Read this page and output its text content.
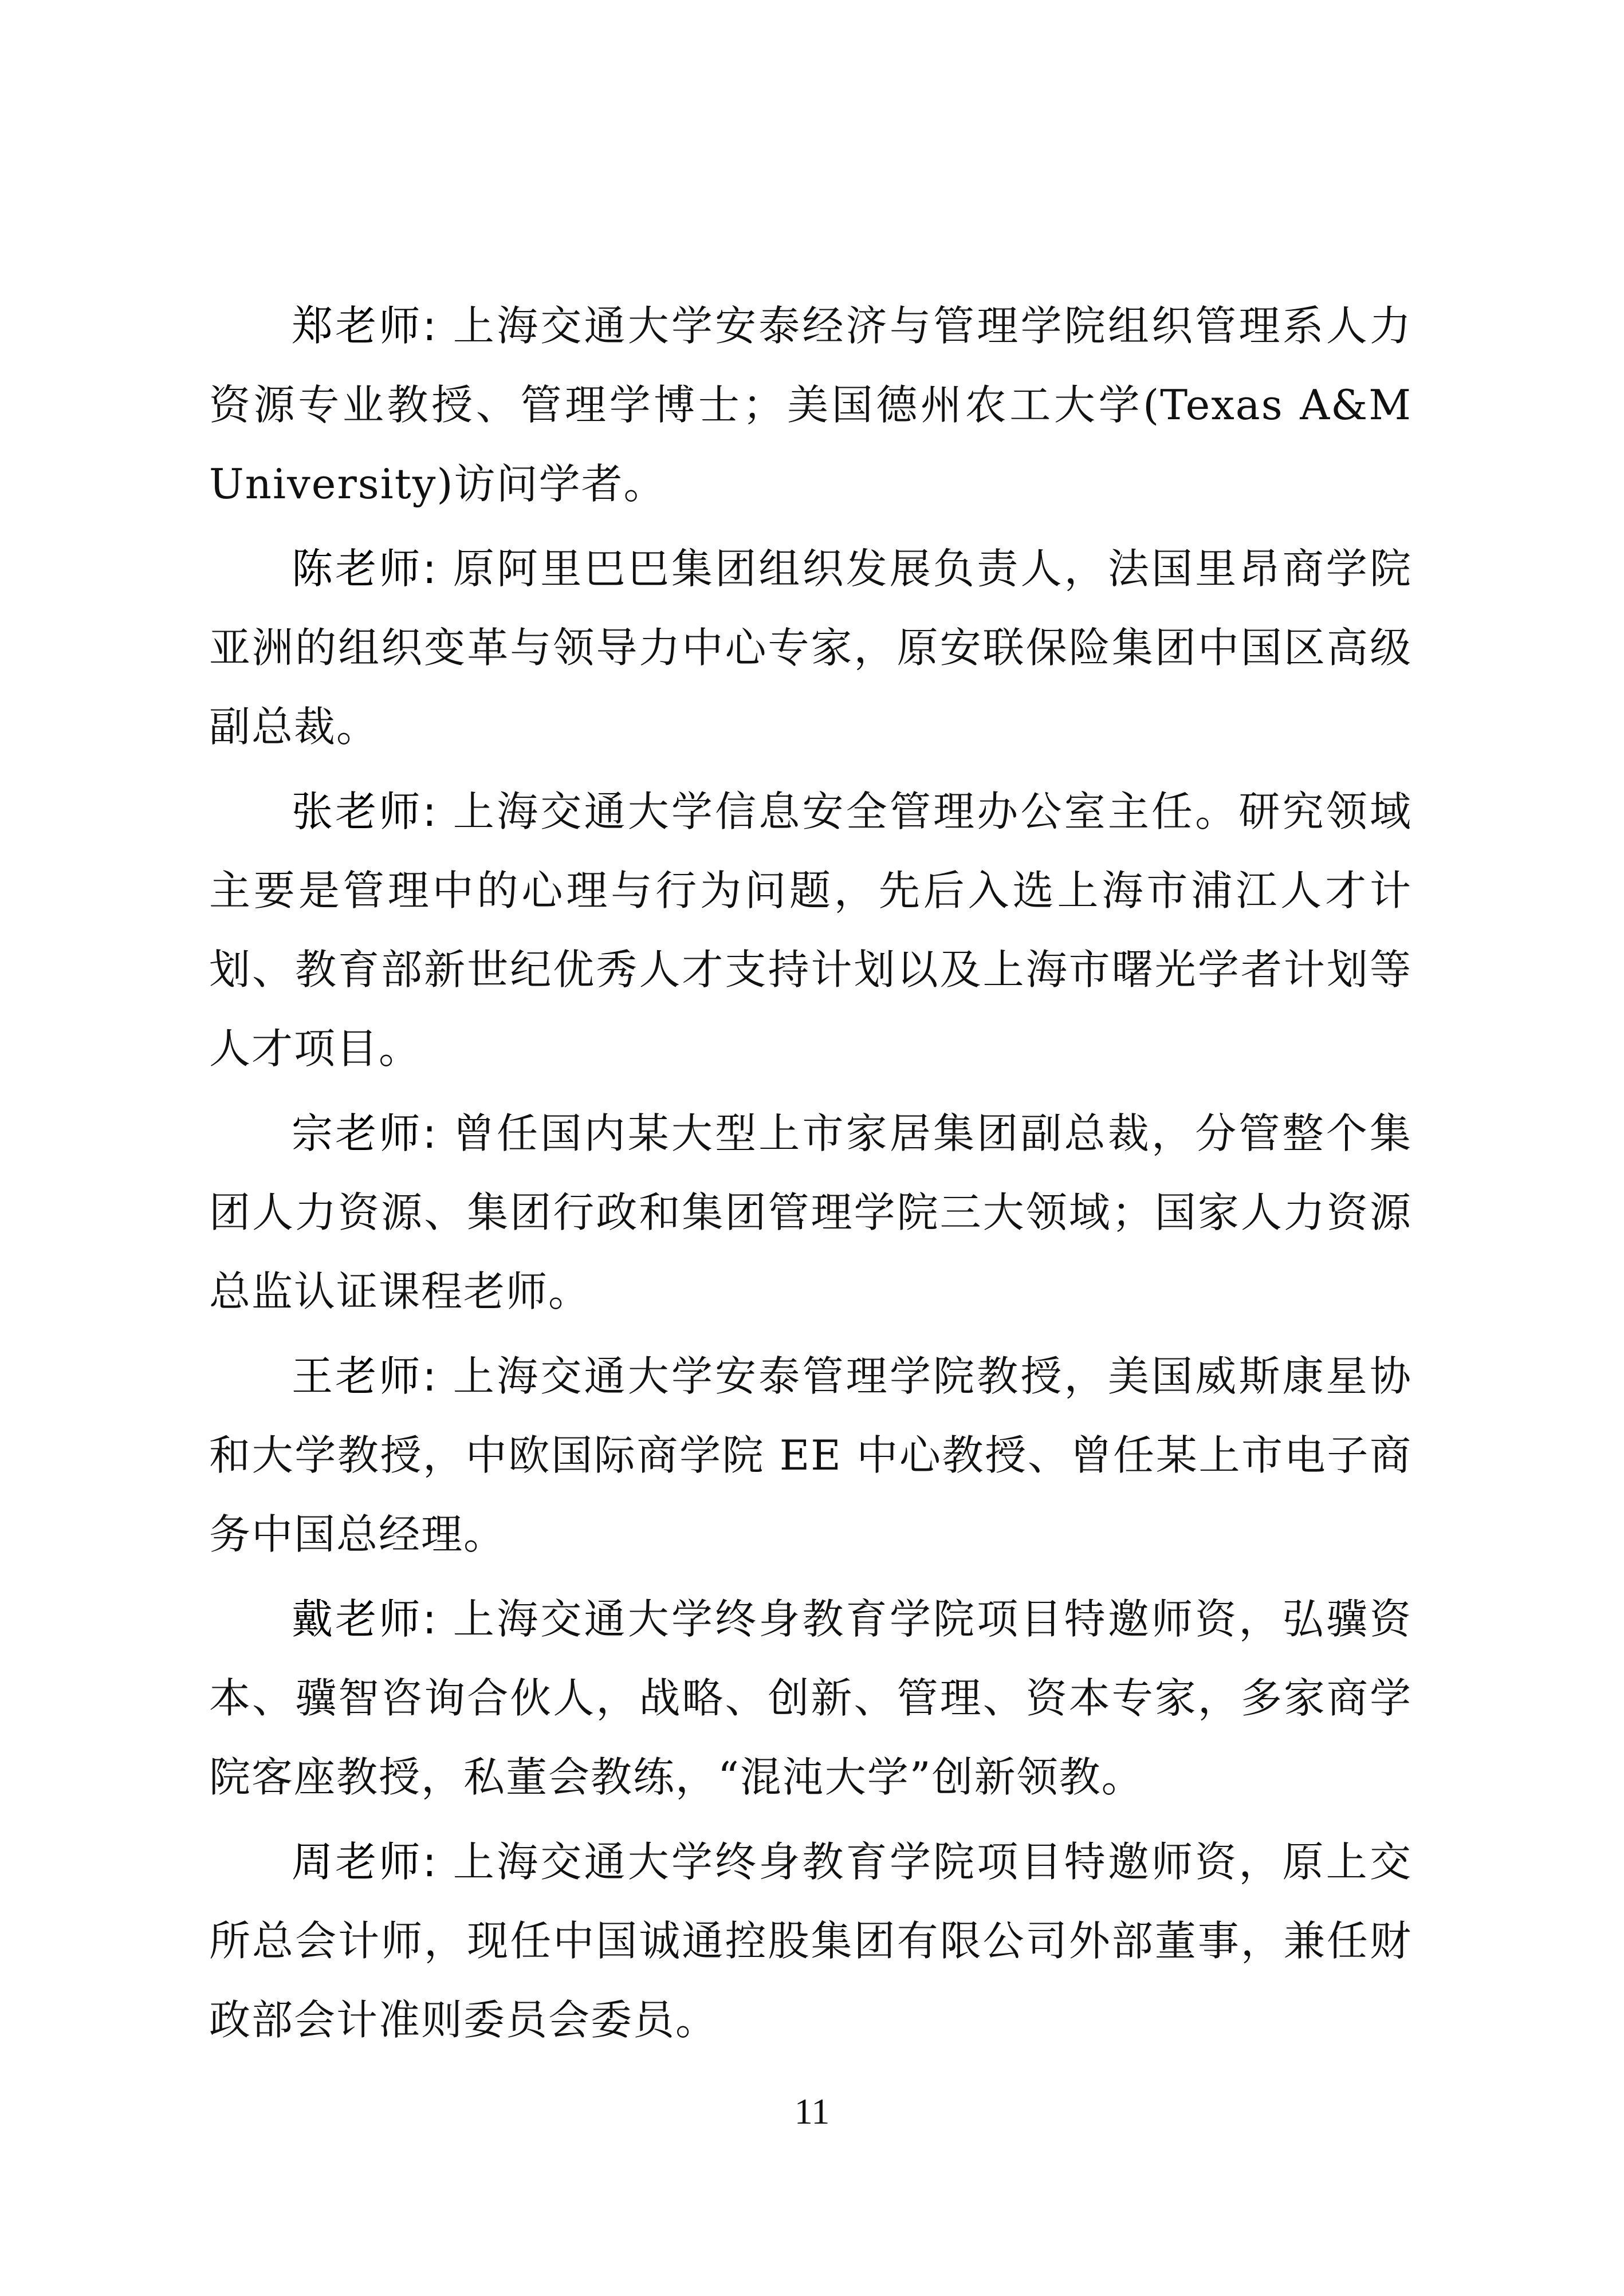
郑老师: 上海交通大学安泰经济与管理学院组织管理系人力资源专业教授、管理学博士；美国德州农工大学(Texas A&M University)访问学者。

陈老师: 原阿里巴巴集团组织发展负责人，法国里昂商学院亚洲的组织变革与领导力中心专家，原安联保险集团中国区高级副总裁。

张老师: 上海交通大学信息安全管理办公室主任。研究领域主要是管理中的心理与行为问题，先后入选上海市浦江人才计划、教育部新世纪优秀人才支持计划以及上海市曙光学者计划等人才项目。

宗老师: 曾任国内某大型上市家居集团副总裁，分管整个集团人力资源、集团行政和集团管理学院三大领域；国家人力资源总监认证课程老师。

王老师: 上海交通大学安泰管理学院教授，美国威斯康星协和大学教授，中欧国际商学院 EE 中心教授、曾任某上市电子商务中国总经理。

戴老师: 上海交通大学终身教育学院项目特邀师资，弘骥资本、骥智咨询合伙人，战略、创新、管理、资本专家，多家商学院客座教授，私董会教练，“混沌大学”创新领教。

周老师: 上海交通大学终身教育学院项目特邀师资，原上交所总会计师，现任中国诚通控股集团有限公司外部董事，兼任财政部会计准则委员会委员。

11
